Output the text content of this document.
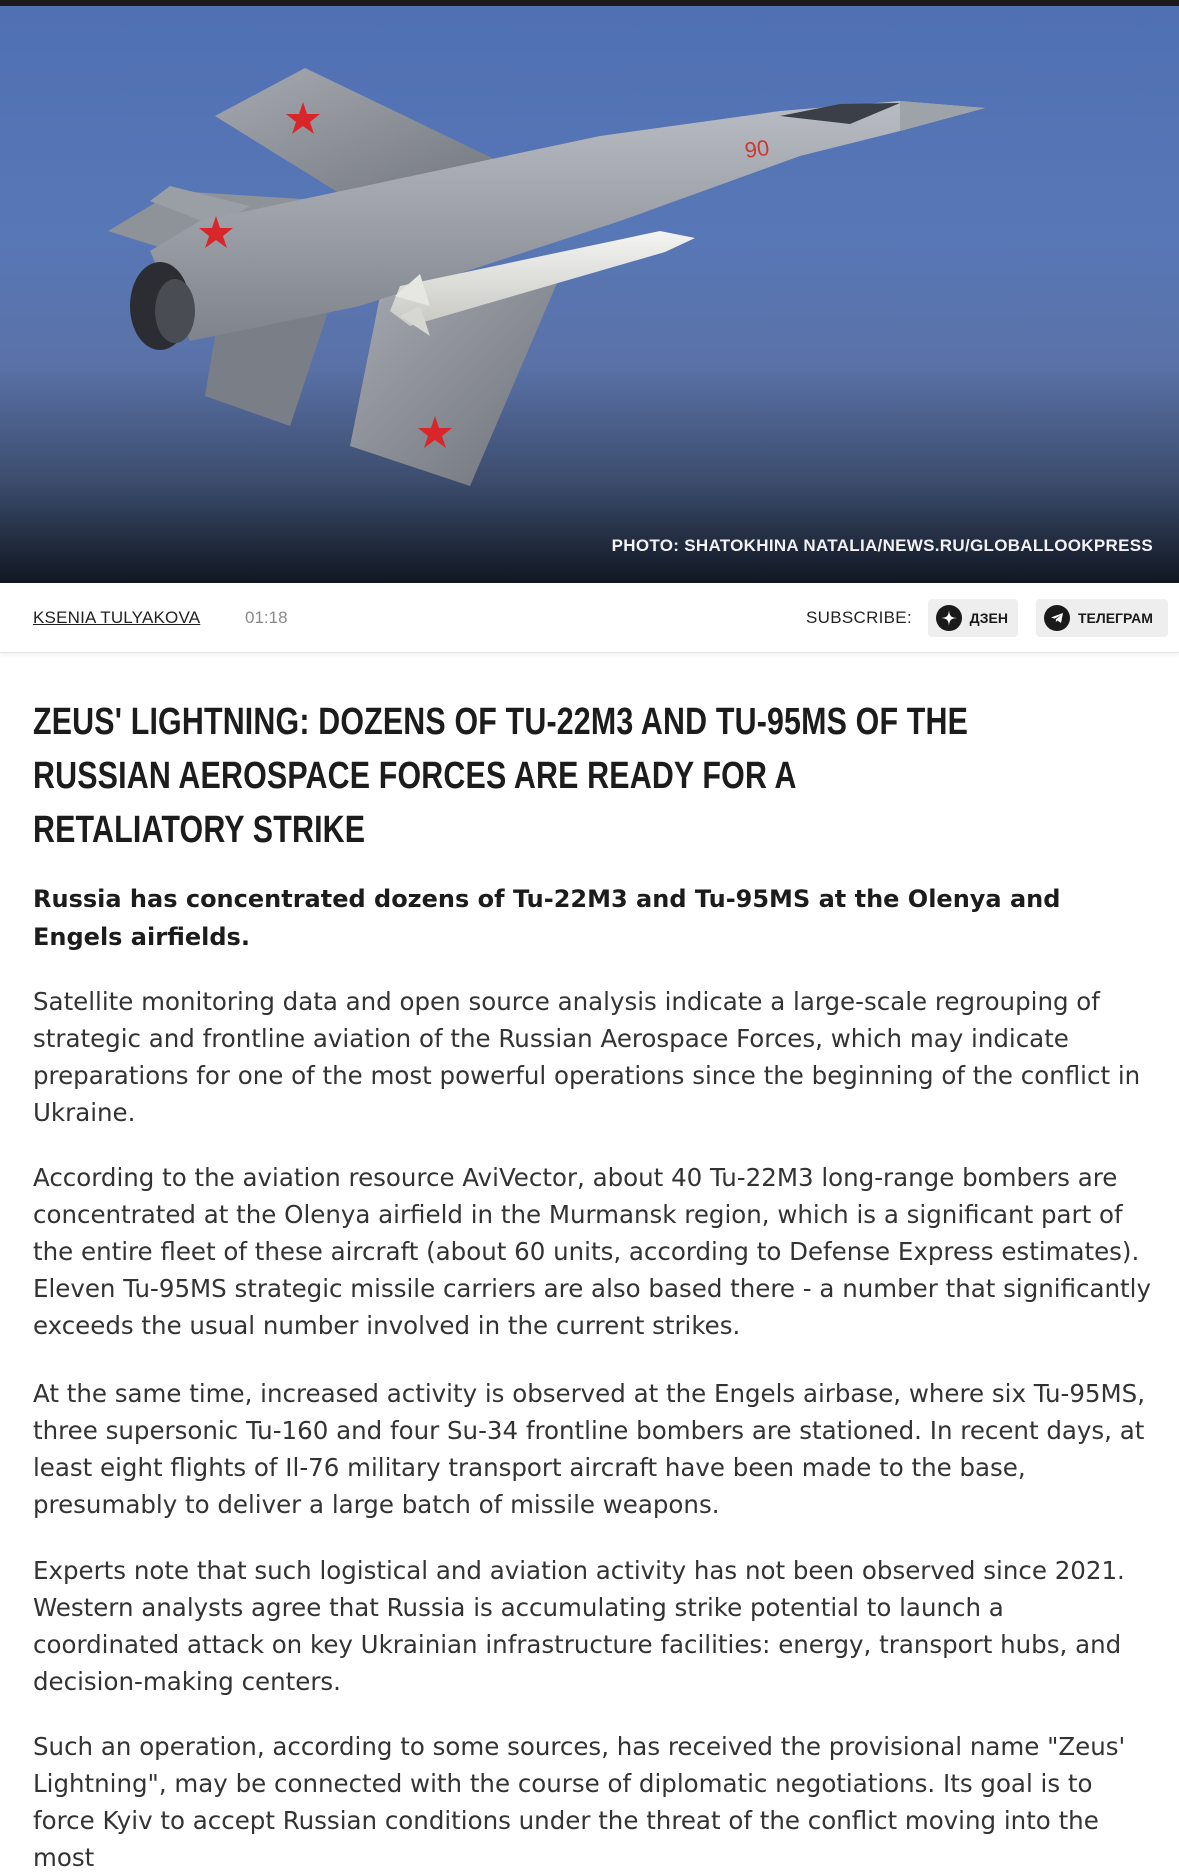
90
PHOTO: SHATOKHINA NATALIA/NEWS.RU/GLOBALLOOKPRESS
KSENIA TULYAKOVA	01:18	SUBSCRIBE:	ДЗЕН	ТЕЛЕГРАМ
ZEUS' LIGHTNING: DOZENS OF TU-22M3 AND TU-95MS OF THE RUSSIAN AEROSPACE FORCES ARE READY FOR A RETALIATORY STRIKE

Russia has concentrated dozens of Tu-22M3 and Tu-95MS at the Olenya and Engels airfields.

Satellite monitoring data and open source analysis indicate a large-scale regrouping of strategic and frontline aviation of the Russian Aerospace Forces, which may indicate preparations for one of the most powerful operations since the beginning of the conflict in Ukraine.

According to the aviation resource AviVector, about 40 Tu-22M3 long-range bombers are concentrated at the Olenya airfield in the Murmansk region, which is a significant part of the entire fleet of these aircraft (about 60 units, according to Defense Express estimates). Eleven Tu-95MS strategic missile carriers are also based there - a number that significantly exceeds the usual number involved in the current strikes.

At the same time, increased activity is observed at the Engels airbase, where six Tu-95MS, three supersonic Tu-160 and four Su-34 frontline bombers are stationed. In recent days, at least eight flights of Il-76 military transport aircraft have been made to the base, presumably to deliver a large batch of missile weapons.

Experts note that such logistical and aviation activity has not been observed since 2021. Western analysts agree that Russia is accumulating strike potential to launch a coordinated attack on key Ukrainian infrastructure facilities: energy, transport hubs, and decision-making centers.

Such an operation, according to some sources, has received the provisional name "Zeus' Lightning", may be connected with the course of diplomatic negotiations. Its goal is to force Kyiv to accept Russian conditions under the threat of the conflict moving into the most
